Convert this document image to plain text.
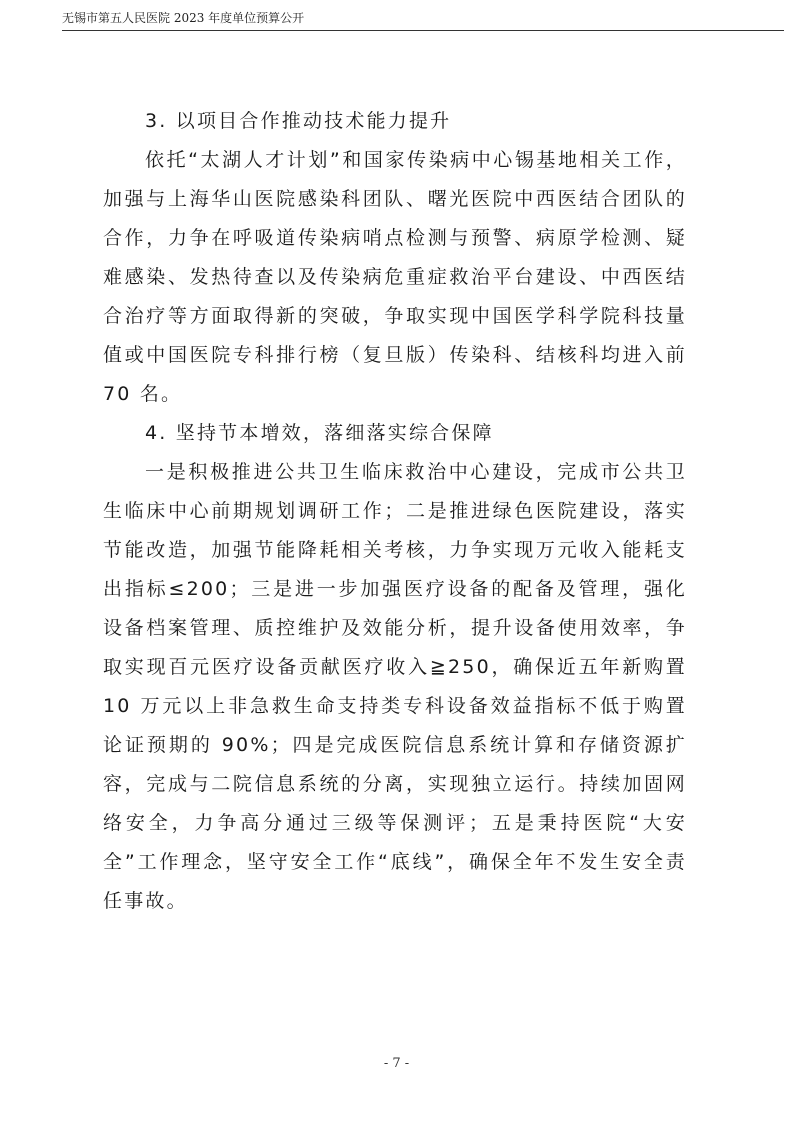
无锡市第五人民医院 2023 年度单位预算公开

3. 以项目合作推动技术能力提升

依托“太湖人才计划”和国家传染病中心锡基地相关工作，加强与上海华山医院感染科团队、曙光医院中西医结合团队的合作，力争在呼吸道传染病哨点检测与预警、病原学检测、疑难感染、发热待查以及传染病危重症救治平台建设、中西医结合治疗等方面取得新的突破，争取实现中国医学科学院科技量值或中国医院专科排行榜（复旦版）传染科、结核科均进入前 70 名。

4. 坚持节本增效，落细落实综合保障

一是积极推进公共卫生临床救治中心建设，完成市公共卫生临床中心前期规划调研工作；二是推进绿色医院建设，落实节能改造，加强节能降耗相关考核，力争实现万元收入能耗支出指标≤200；三是进一步加强医疗设备的配备及管理，强化设备档案管理、质控维护及效能分析，提升设备使用效率，争取实现百元医疗设备贡献医疗收入≧250，确保近五年新购置 10 万元以上非急救生命支持类专科设备效益指标不低于购置论证预期的 90%；四是完成医院信息系统计算和存储资源扩容，完成与二院信息系统的分离，实现独立运行。持续加固网络安全，力争高分通过三级等保测评；五是秉持医院“大安全”工作理念，坚守安全工作“底线”，确保全年不发生安全责任事故。

- 7 -
